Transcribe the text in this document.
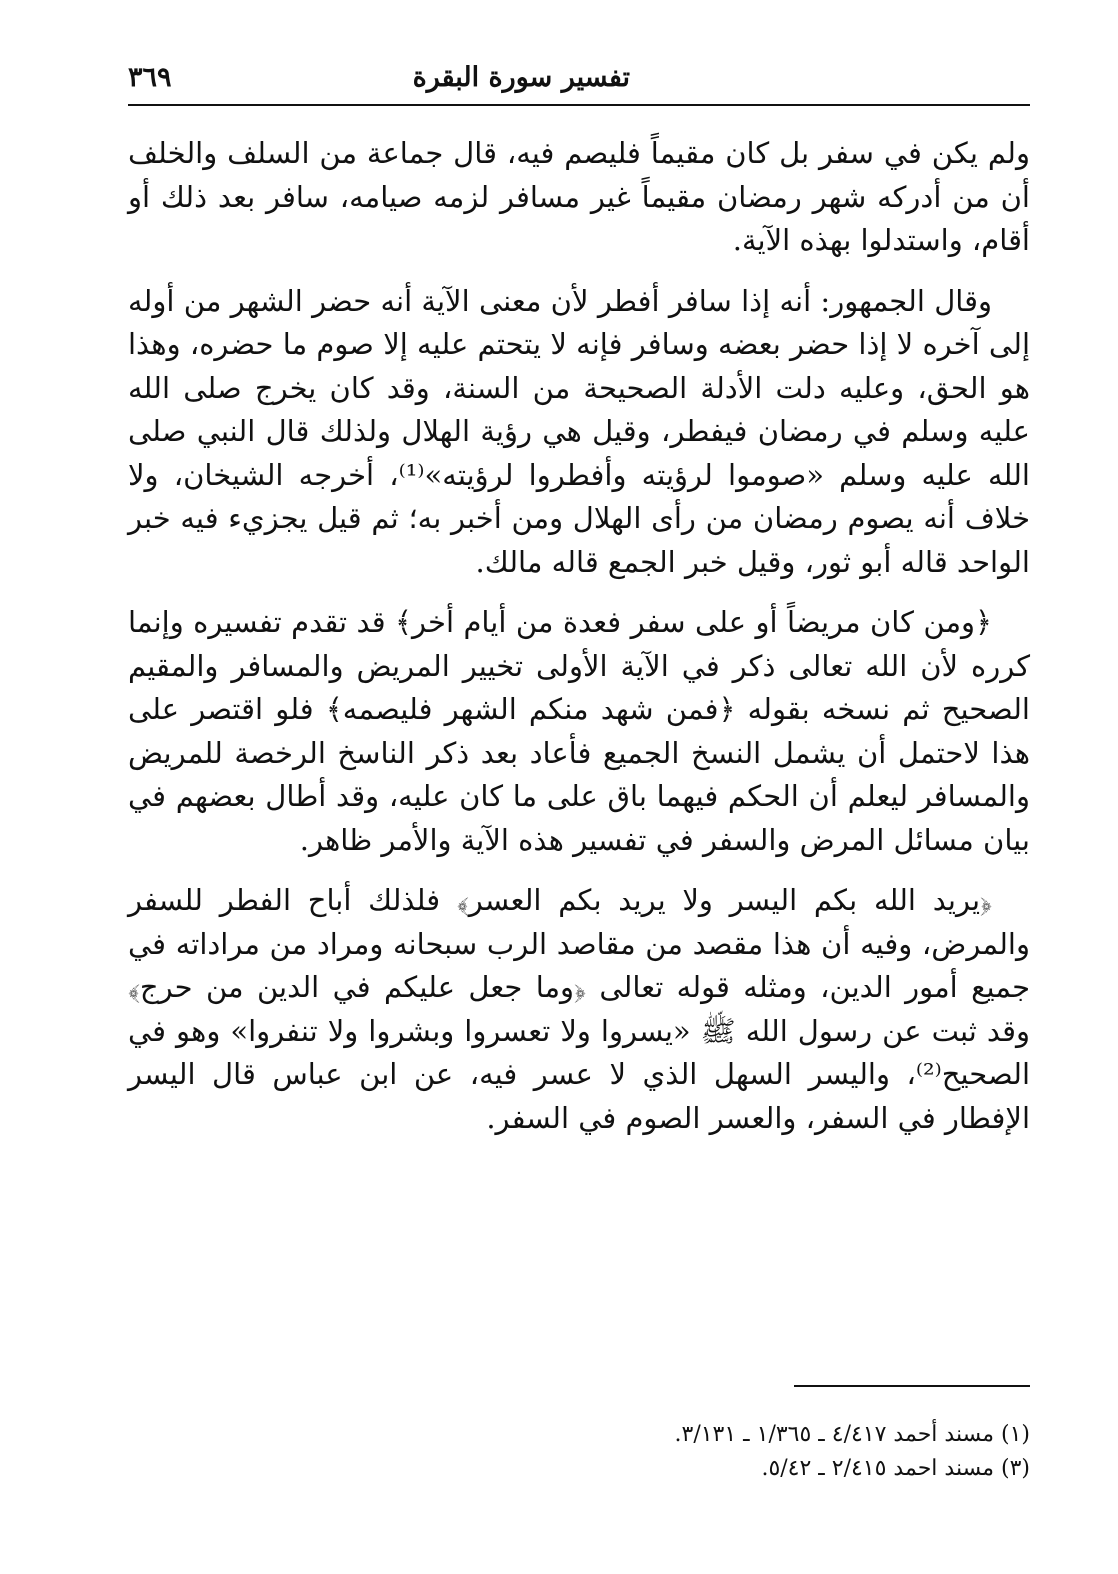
تفسير سورة البقرة
٣٦٩

ولم يكن في سفر بل كان مقيماً فليصم فيه، قال جماعة من السلف والخلف أن من أدركه شهر رمضان مقيماً غير مسافر لزمه صيامه، سافر بعد ذلك أو أقام، واستدلوا بهذه الآية.

وقال الجمهور: أنه إذا سافر أفطر لأن معنى الآية أنه حضر الشهر من أوله إلى آخره لا إذا حضر بعضه وسافر فإنه لا يتحتم عليه إلا صوم ما حضره، وهذا هو الحق، وعليه دلت الأدلة الصحيحة من السنة، وقد كان يخرج صلى الله عليه وسلم في رمضان فيفطر، وقيل هي رؤية الهلال ولذلك قال النبي صلى الله عليه وسلم «صوموا لرؤيته وأفطروا لرؤيته»⁽¹⁾، أخرجه الشيخان، ولا خلاف أنه يصوم رمضان من رأى الهلال ومن أخبر به؛ ثم قيل يجزيء فيه خبر الواحد قاله أبو ثور، وقيل خبر الجمع قاله مالك.

﴿ومن كان مريضاً أو على سفر فعدة من أيام أخر﴾ قد تقدم تفسيره وإنما كرره لأن الله تعالى ذكر في الآية الأولى تخيير المريض والمسافر والمقيم الصحيح ثم نسخه بقوله ﴿فمن شهد منكم الشهر فليصمه﴾ فلو اقتصر على هذا لاحتمل أن يشمل النسخ الجميع فأعاد بعد ذكر الناسخ الرخصة للمريض والمسافر ليعلم أن الحكم فيهما باق على ما كان عليه، وقد أطال بعضهم في بيان مسائل المرض والسفر في تفسير هذه الآية والأمر ظاهر.

﴿يريد الله بكم اليسر ولا يريد بكم العسر﴾ فلذلك أباح الفطر للسفر والمرض، وفيه أن هذا مقصد من مقاصد الرب سبحانه ومراد من مراداته في جميع أمور الدين، ومثله قوله تعالى ﴿وما جعل عليكم في الدين من حرج﴾ وقد ثبت عن رسول الله ﷺ «يسروا ولا تعسروا وبشروا ولا تنفروا» وهو في الصحيح⁽²⁾، واليسر السهل الذي لا عسر فيه، عن ابن عباس قال اليسر الإفطار في السفر، والعسر الصوم في السفر.

(١) مسند أحمد ٤/٤١٧ ـ ١/٣٦٥ ـ ٣/١٣١.
(٣) مسند احمد ٢/٤١٥ ـ ٥/٤٢.
